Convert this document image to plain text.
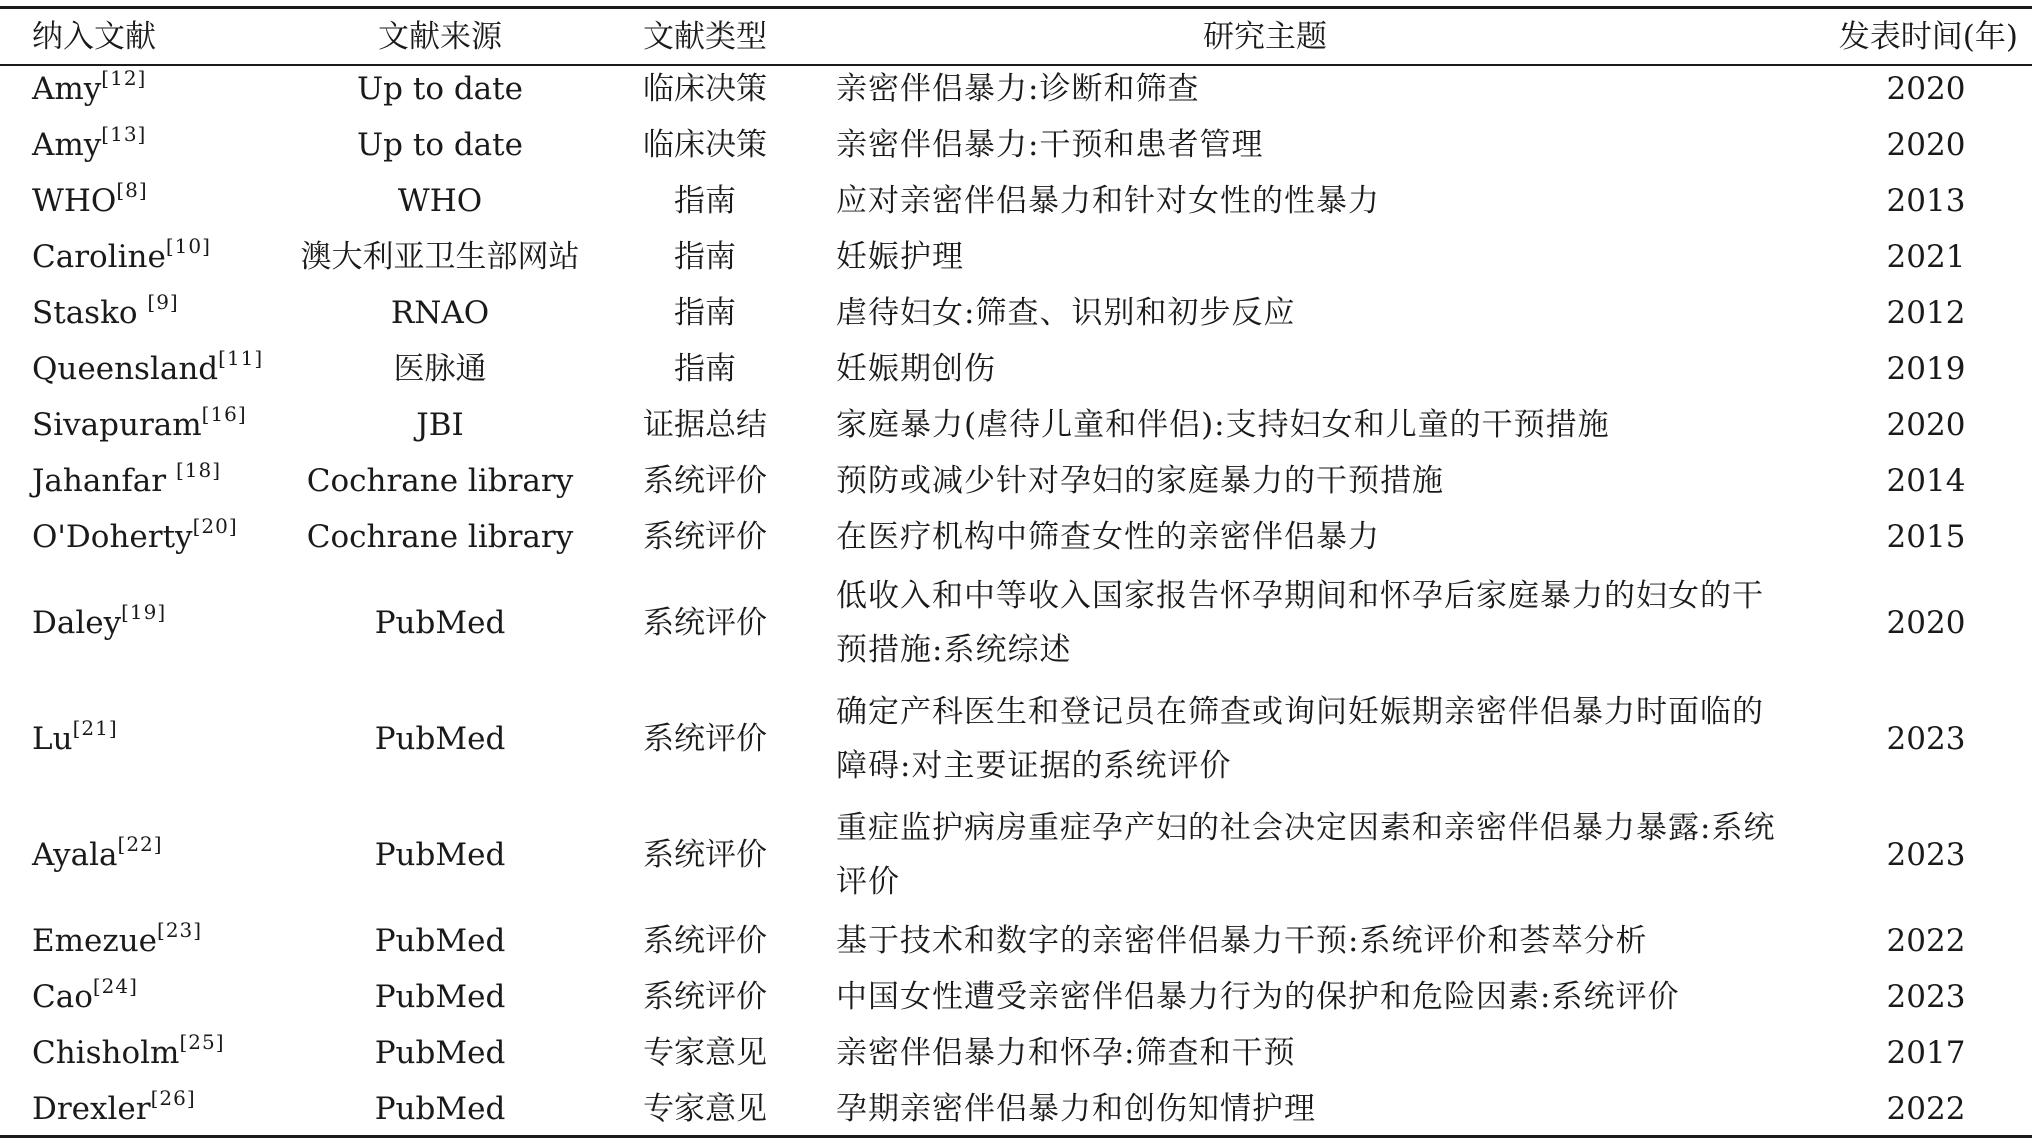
纳入文献	文献来源	文献类型	研究主题	发表时间(年)
Amy[12]	Up to date	临床决策	亲密伴侣暴力:诊断和筛查	2020
Amy[13]	Up to date	临床决策	亲密伴侣暴力:干预和患者管理	2020
WHO[8]	WHO	指南	应对亲密伴侣暴力和针对女性的性暴力	2013
Caroline[10]	澳大利亚卫生部网站	指南	妊娠护理	2021
Stasko [9]	RNAO	指南	虐待妇女:筛查、识别和初步反应	2012
Queensland[11]	医脉通	指南	妊娠期创伤	2019
Sivapuram[16]	JBI	证据总结	家庭暴力(虐待儿童和伴侣):支持妇女和儿童的干预措施	2020
Jahanfar [18]	Cochrane library	系统评价	预防或减少针对孕妇的家庭暴力的干预措施	2014
O'Doherty[20]	Cochrane library	系统评价	在医疗机构中筛查女性的亲密伴侣暴力	2015
Daley[19]	PubMed	系统评价	低收入和中等收入国家报告怀孕期间和怀孕后家庭暴力的妇女的干预措施:系统综述	2020
Lu[21]	PubMed	系统评价	确定产科医生和登记员在筛查或询问妊娠期亲密伴侣暴力时面临的障碍:对主要证据的系统评价	2023
Ayala[22]	PubMed	系统评价	重症监护病房重症孕产妇的社会决定因素和亲密伴侣暴力暴露:系统评价	2023
Emezue[23]	PubMed	系统评价	基于技术和数字的亲密伴侣暴力干预:系统评价和荟萃分析	2022
Cao[24]	PubMed	系统评价	中国女性遭受亲密伴侣暴力行为的保护和危险因素:系统评价	2023
Chisholm[25]	PubMed	专家意见	亲密伴侣暴力和怀孕:筛查和干预	2017
Drexler[26]	PubMed	专家意见	孕期亲密伴侣暴力和创伤知情护理	2022
